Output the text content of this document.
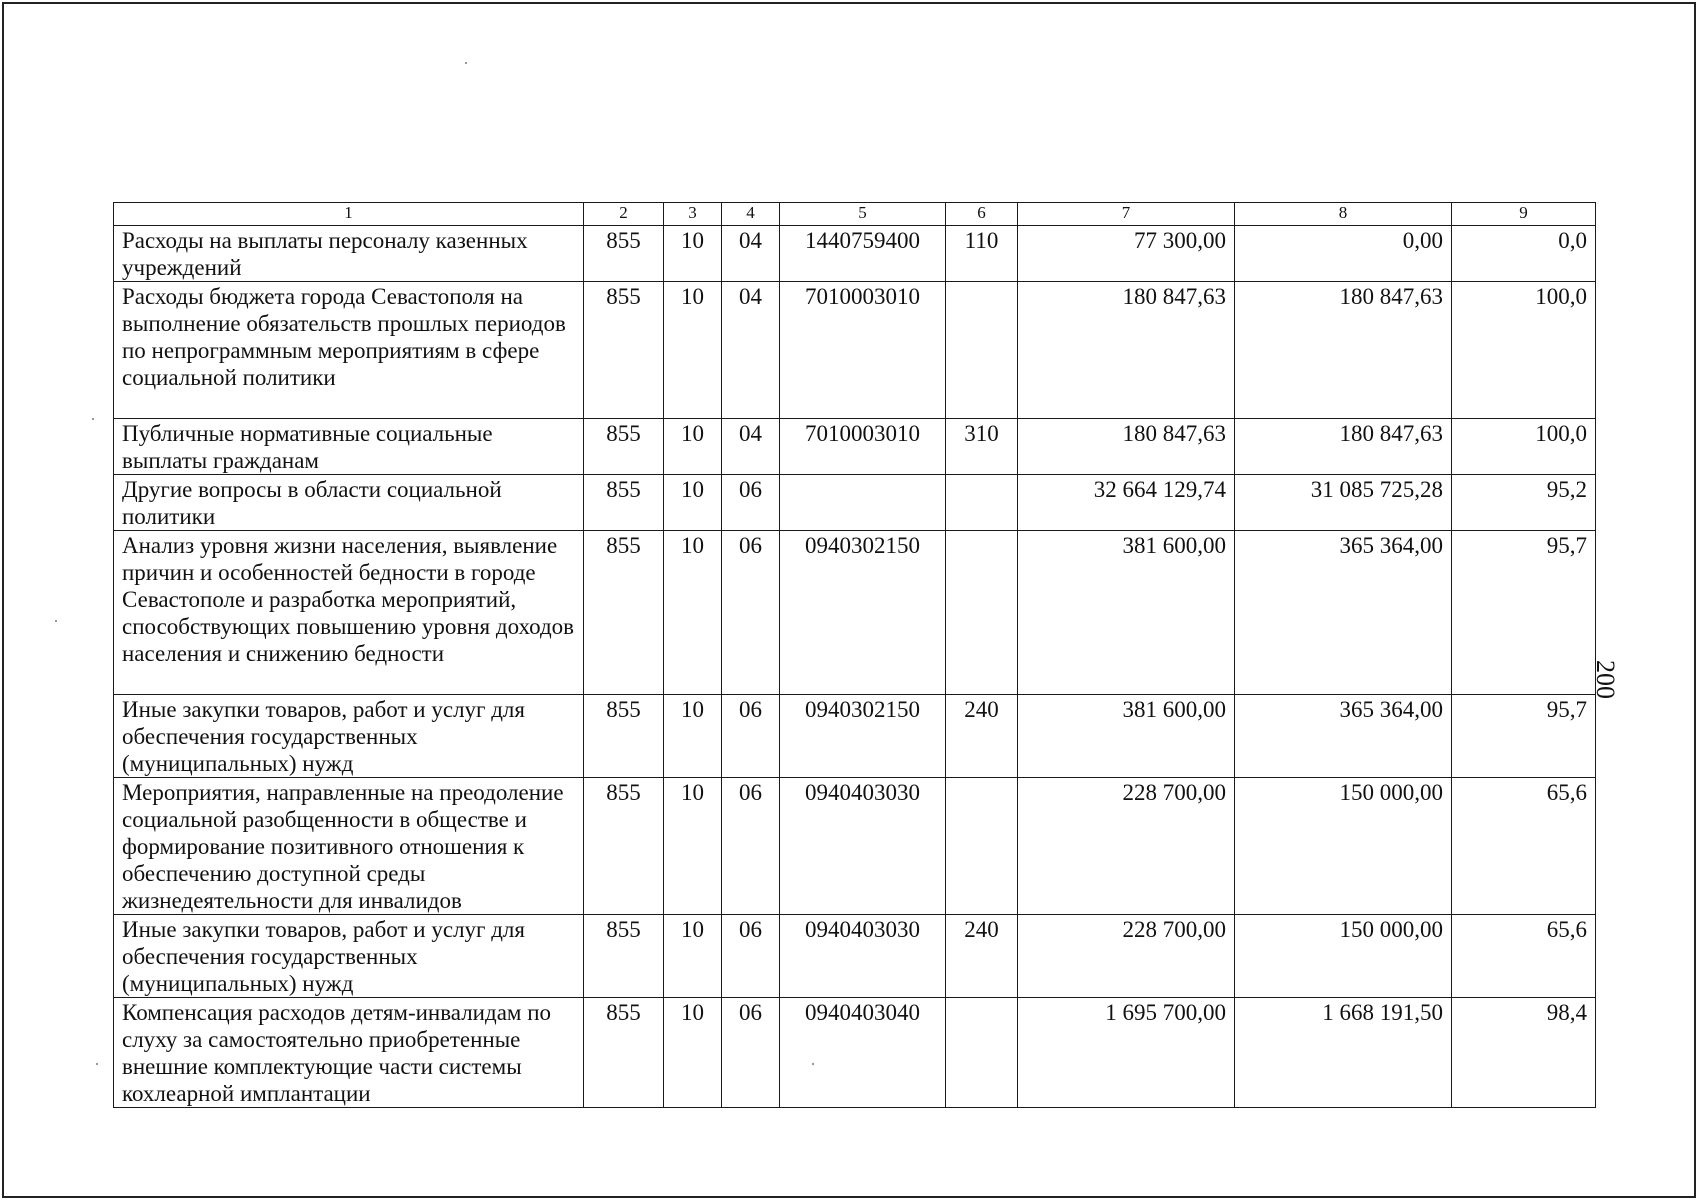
1	2	3	4	5	6	7	8	9
Расходы на выплаты персоналу казенных учреждений	855	10	04	1440759400	110	77 300,00	0,00	0,0
Расходы бюджета города Севастополя на выполнение обязательств прошлых периодов по непрограммным мероприятиям в сфере социальной политики	855	10	04	7010003010		180 847,63	180 847,63	100,0
Публичные нормативные социальные выплаты гражданам	855	10	04	7010003010	310	180 847,63	180 847,63	100,0
Другие вопросы в области социальной политики	855	10	06			32 664 129,74	31 085 725,28	95,2
Анализ уровня жизни населения, выявление причин и особенностей бедности в городе Севастополе и разработка мероприятий, способствующих повышению уровня доходов населения и снижению бедности	855	10	06	0940302150		381 600,00	365 364,00	95,7
Иные закупки товаров, работ и услуг для обеспечения государственных (муниципальных) нужд	855	10	06	0940302150	240	381 600,00	365 364,00	95,7
Мероприятия, направленные на преодоление социальной разобщенности в обществе и формирование позитивного отношения к обеспечению доступной среды жизнедеятельности для инвалидов	855	10	06	0940403030		228 700,00	150 000,00	65,6
Иные закупки товаров, работ и услуг для обеспечения государственных (муниципальных) нужд	855	10	06	0940403030	240	228 700,00	150 000,00	65,6
Компенсация расходов детям-инвалидам по слуху за самостоятельно приобретенные внешние комплектующие части системы кохлеарной имплантации	855	10	06	0940403040		1 695 700,00	1 668 191,50	98,4
200
